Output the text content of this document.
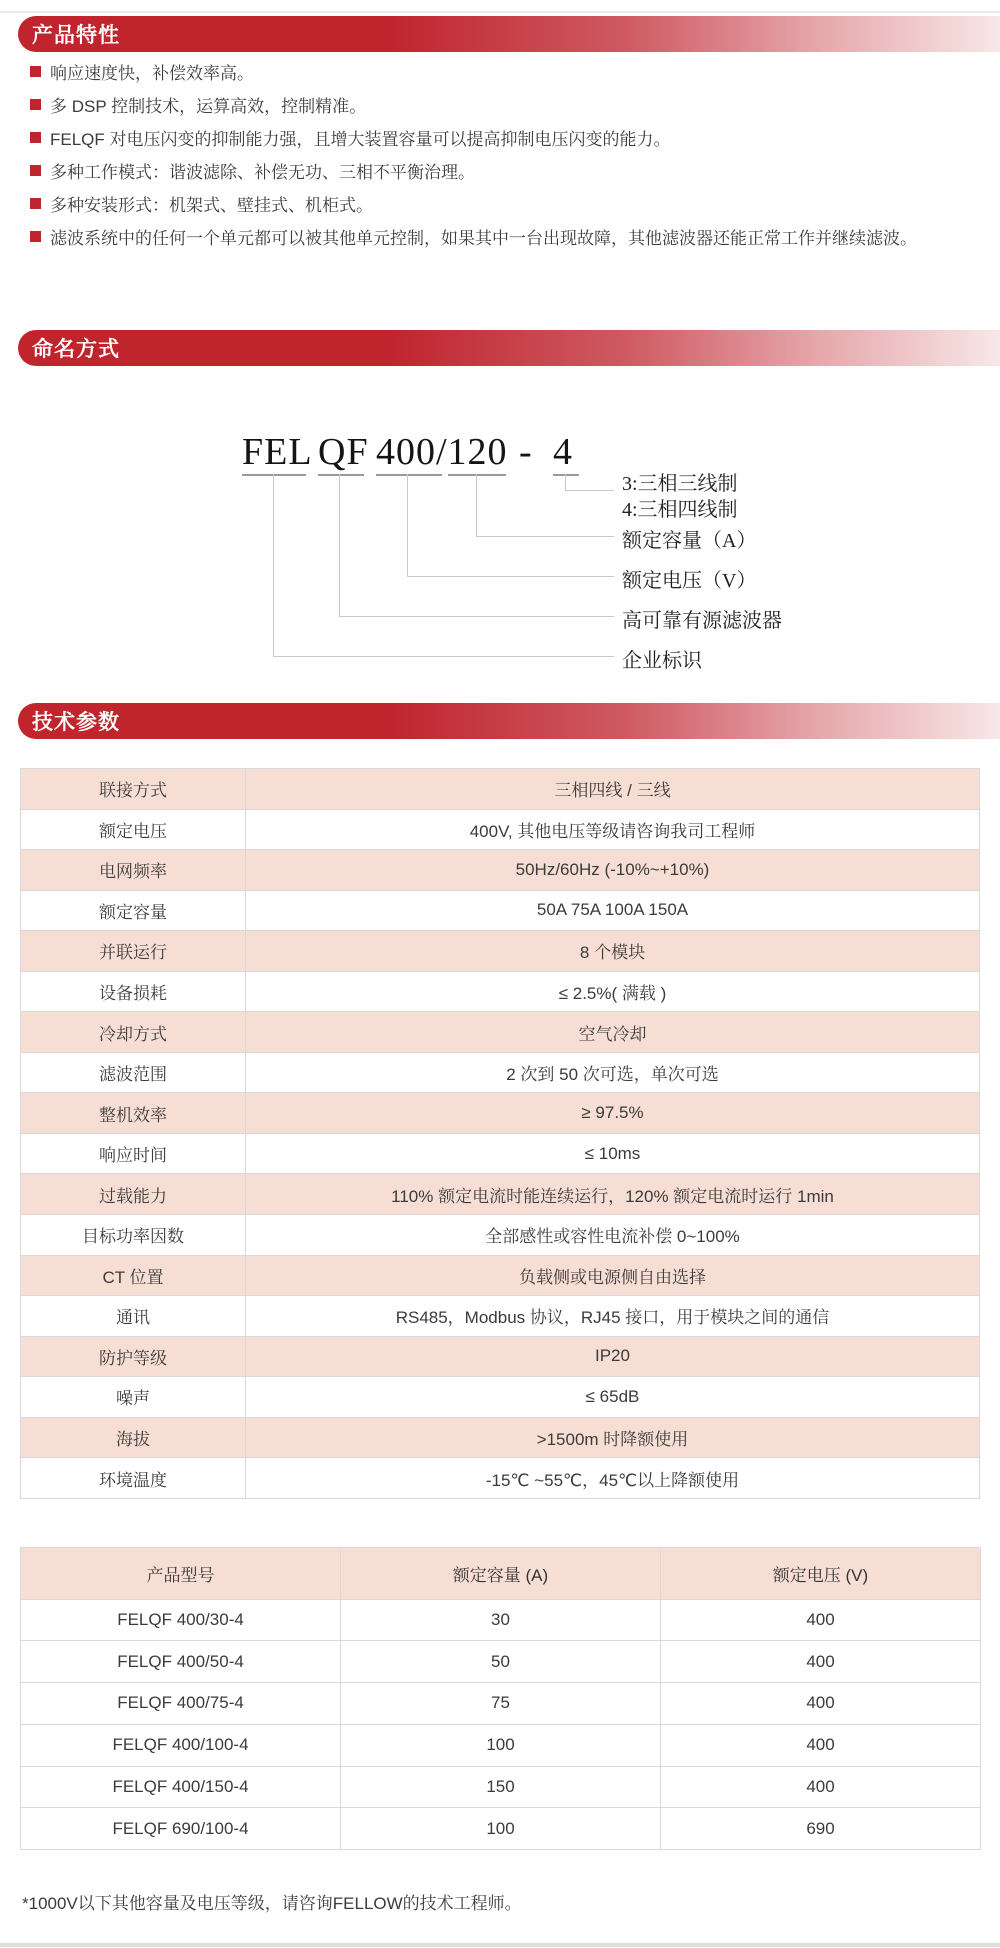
产品特性
响应速度快，补偿效率高。
多 DSP 控制技术，运算高效，控制精准。
FELQF 对电压闪变的抑制能力强，且增大装置容量可以提高抑制电压闪变的能力。
多种工作模式：谐波滤除、补偿无功、三相不平衡治理。
多种安装形式：机架式、壁挂式、机柜式。
滤波系统中的任何一个单元都可以被其他单元控制，如果其中一台出现故障，其他滤波器还能正常工作并继续滤波。
命名方式
FEL QF 400/120 - 4
3:三相三线制
4:三相四线制
额定容量（A）
额定电压（V）
高可靠有源滤波器
企业标识
技术参数
联接方式	三相四线 / 三线
额定电压	400V, 其他电压等级请咨询我司工程师
电网频率	50Hz/60Hz (-10%~+10%)
额定容量	50A 75A 100A 150A
并联运行	8 个模块
设备损耗	≤ 2.5%( 满载 )
冷却方式	空气冷却
滤波范围	2 次到 50 次可选，单次可选
整机效率	≥ 97.5%
响应时间	≤ 10ms
过载能力	110% 额定电流时能连续运行，120% 额定电流时运行 1min
目标功率因数	全部感性或容性电流补偿 0~100%
CT 位置	负载侧或电源侧自由选择
通讯	RS485，Modbus 协议，RJ45 接口，用于模块之间的通信
防护等级	IP20
噪声	≤ 65dB
海拔	>1500m 时降额使用
环境温度	-15℃ ~55℃，45℃以上降额使用
产品型号	额定容量 (A)	额定电压 (V)
FELQF 400/30-4	30	400
FELQF 400/50-4	50	400
FELQF 400/75-4	75	400
FELQF 400/100-4	100	400
FELQF 400/150-4	150	400
FELQF 690/100-4	100	690
*1000V以下其他容量及电压等级，请咨询FELLOW的技术工程师。
